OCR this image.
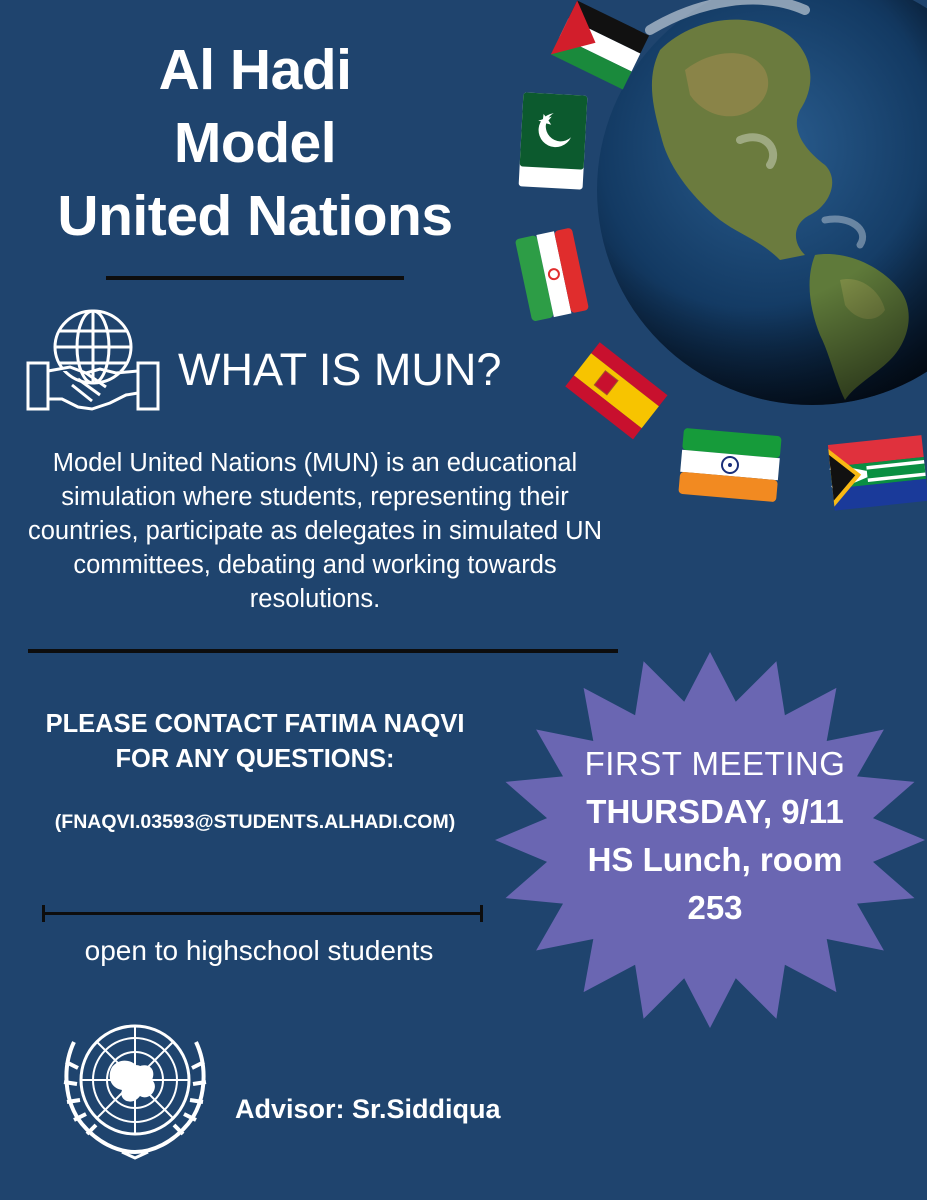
Al Hadi
Model
United Nations
WHAT IS MUN?
Model United Nations (MUN) is an educational simulation where students, representing their countries, participate as delegates in simulated UN committees, debating and working towards resolutions.
PLEASE CONTACT FATIMA NAQVI FOR ANY QUESTIONS:
(FNAQVI.03593@STUDENTS.ALHADI.COM)
open to highschool students
FIRST MEETING
THURSDAY, 9/11
HS Lunch, room
253
Advisor: Sr.Siddiqua
